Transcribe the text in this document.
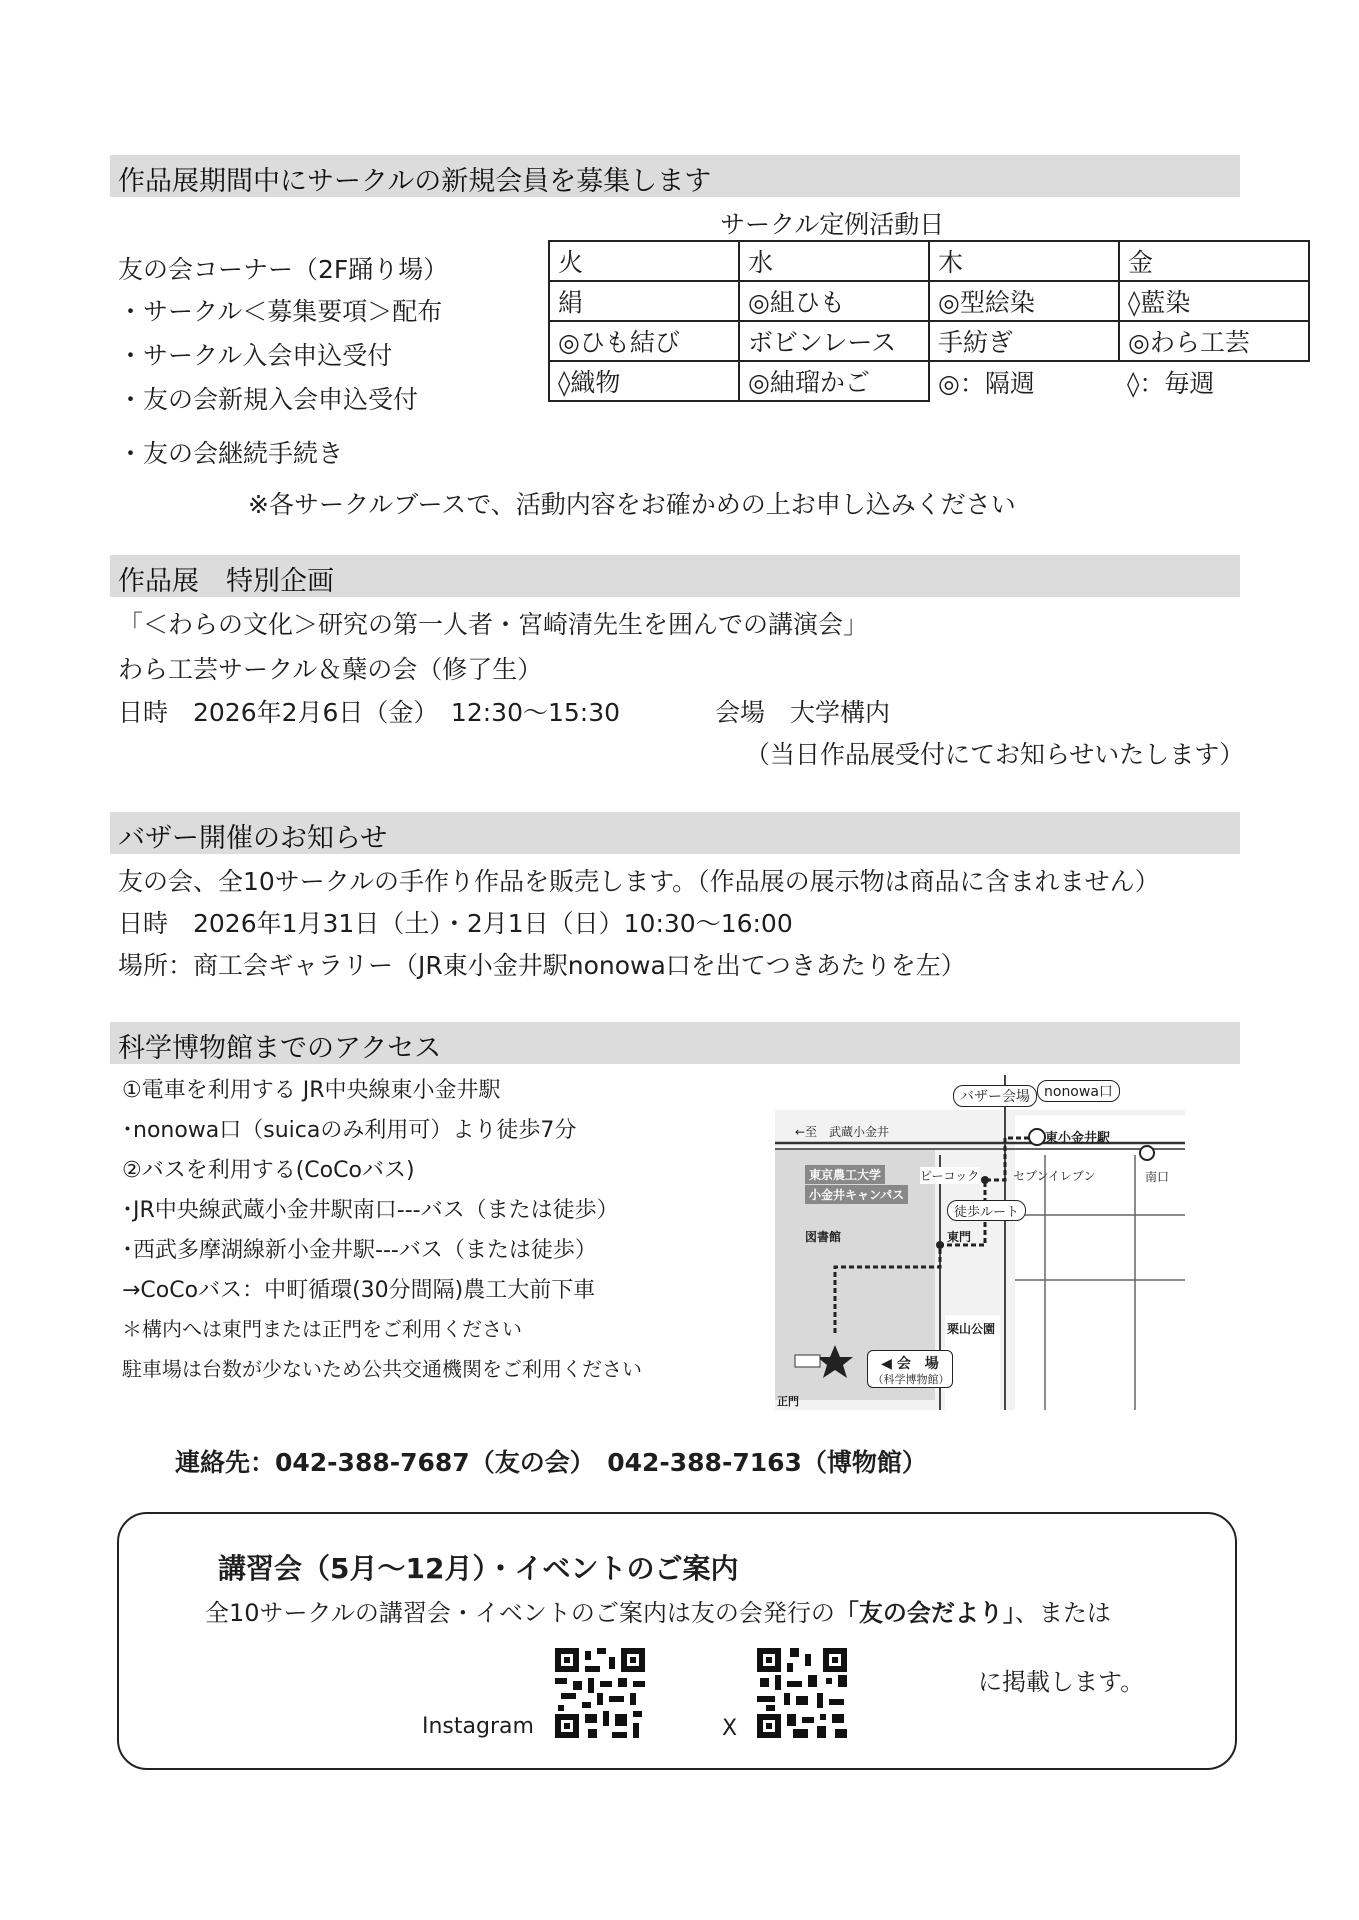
作品展期間中にサークルの新規会員を募集します
サークル定例活動日
友の会コーナー（2F踊り場）
・サークル＜募集要項＞配布
・サークル入会申込受付
・友の会新規入会申込受付
・友の会継続手続き
火	水	木	金
絹	◎組ひも	◎型絵染	◊藍染
◎ひも結び	ボビンレース	手紡ぎ	◎わら工芸
◊織物	◎紬瑠かご	◎：隔週	◊：毎週
※各サークルブースで、活動内容をお確かめの上お申し込みください
作品展　特別企画
「＜わらの文化＞研究の第一人者・宮崎清先生を囲んでの講演会」
わら工芸サークル＆蘖の会（修了生）
日時　2026年2月6日（金）　12:30～15:30	会場　大学構内
（当日作品展受付にてお知らせいたします）
バザー開催のお知らせ
友の会、全10サークルの手作り作品を販売します。（作品展の展示物は商品に含まれません）
日時　2026年1月31日（土）・2月1日（日）10:30～16:00
場所：商工会ギャラリー（JR東小金井駅nonowa口を出てつきあたりを左）
科学博物館までのアクセス
①電車を利用する JR中央線東小金井駅
･nonowa口（suicaのみ利用可）より徒歩7分
②バスを利用する(CoCoバス)
･JR中央線武蔵小金井駅南口---バス（または徒歩）
･西武多摩湖線新小金井駅---バス（または徒歩）
→CoCoバス：中町循環(30分間隔)農工大前下車
＊構内へは東門または正門をご利用ください
駐車場は台数が少ないため公共交通機関をご利用ください
バザー会場	nonowa口
東小金井駅
南口
←至　武蔵小金井
東京農工大学
小金井キャンパス
ピーコック	セブンイレブン
徒歩ルート
図書館	東門
栗山公園
◀ 会　場
（科学博物館）
正門
連絡先：042-388-7687（友の会）　042-388-7163（博物館）
講習会（5月～12月）・イベントのご案内
全10サークルの講習会・イベントのご案内は友の会発行の「友の会だより」、または
Instagram	X
に掲載します。
